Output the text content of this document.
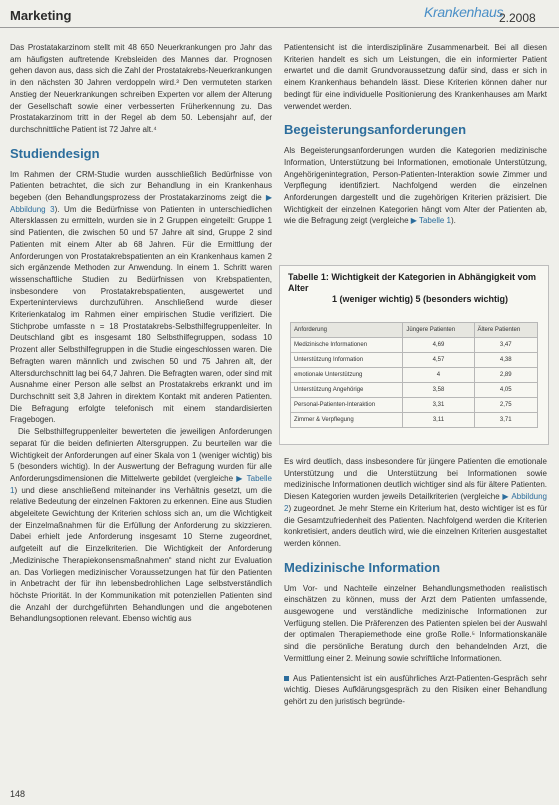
Marketing	Krankenhaus
2.2008

Das Prostatakarzinom stellt mit 48 650 Neuerkrankungen pro Jahr das am häufigsten auftretende Krebsleiden des Mannes dar. Prognosen gehen davon aus, dass sich die Zahl der Prostatakrebs-Neuerkrankungen in den nächsten 30 Jahren verdoppeln wird.³ Den vermuteten starken Anstieg der Neuerkrankungen schreiben Experten vor allem der Alterung der Gesellschaft sowie einer verbesserten Früherkennung zu. Das Prostatakarzinom tritt in der Regel ab dem 50. Lebensjahr auf, der durchschnittliche Patient ist 72 Jahre alt.⁴

Studiendesign

Im Rahmen der CRM-Studie wurden ausschließlich Bedürfnisse von Patienten betrachtet, die sich zur Behandlung in ein Krankenhaus begeben (den Behandlungsprozess der Prostatakarzinoms zeigt die ▶ Abbildung 3). Um die Bedürfnisse von Patienten in unterschiedlichen Altersklassen zu ermitteln, wurden sie in 2 Gruppen eingeteilt: Gruppe 1 sind Patienten, die zwischen 50 und 57 Jahre alt sind, Gruppe 2 sind Patienten mit einem Alter ab 68 Jahren. Für die Ermittlung der Anforderungen von Prostatakrebspatienten an ein Krankenhaus kamen 2 sich ergänzende Methoden zur Anwendung. In einem 1. Schritt waren wissenschaftliche Studien zu Bedürfnissen von Krebspatienten, insbesondere von Prostatakrebspatienten, ausgewertet und Experteninterviews durchzuführen. Anschließend wurde dieser Kriterienkatalog im Rahmen einer empirischen Studie verifiziert. Die Stichprobe umfasste n = 18 Prostatakrebs-Selbsthilfegruppenleiter. In Deutschland gibt es insgesamt 180 Selbsthilfegruppen, sodass 10 Prozent aller Selbsthilfegruppen in die Studie eingeschlossen waren. Die Befragten waren männlich und zwischen 50 und 75 Jahren alt, der Altersdurchschnitt lag bei 64,7 Jahren. Die Befragten waren, oder sind mit Ausnahme einer Person alle selbst an Prostatakrebs erkrankt und im Durchschnitt seit 3,8 Jahren in direktem Kontakt mit anderen Patienten. Die Befragung erfolgte telefonisch mit einem standardisierten Fragebogen.

Die Selbsthilfegruppenleiter bewerteten die jeweiligen Anforderungen separat für die beiden definierten Altersgruppen. Zu beurteilen war die Wichtigkeit der Anforderungen auf einer Skala von 1 (weniger wichtig) bis 5 (besonders wichtig). In der Auswertung der Befragung wurden für alle Anforderungsdimensionen die Mittelwerte gebildet (vergleiche ▶ Tabelle 1) und diese anschließend miteinander ins Verhältnis gesetzt, um die relative Bedeutung der einzelnen Faktoren zu erkennen. Eine aus Studien abgeleitete Gewichtung der Kriterien schloss sich an, um die Wichtigkeit der Einzelmaßnahmen für die Erfüllung der Anforderung zu skizzieren. Dabei erhielt jede Anforderung insgesamt 10 Sterne zugeordnet, aufgeteilt auf die Einzelkriterien. Die Wichtigkeit der Anforderung „Medizinische Therapiekonsensmaßnahmen“ stand nicht zur Evaluation an. Das Vorliegen medizinischer Voraussetzungen hat für den Patienten in Anbetracht der für ihn lebensbedrohlichen Lage selbstverständlich höchste Priorität. In der Kommunikation mit potenziellen Patienten sind die Anzahl der durchgeführten Behandlungen und die angebotenen Behandlungsoptionen relevant. Ebenso wichtig aus

Patientensicht ist die interdisziplinäre Zusammenarbeit. Bei all diesen Kriterien handelt es sich um Leistungen, die ein informierter Patient erwartet und die damit Grundvoraussetzung dafür sind, dass er sich in einem Krankenhaus behandeln lässt. Diese Kriterien können daher nur bedingt für eine individuelle Positionierung des Krankenhauses am Markt verwendet werden.

Begeisterungsanforderungen

Als Begeisterungsanforderungen wurden die Kategorien medizinische Information, Unterstützung bei Informationen, emotionale Unterstützung, Angehörigenintegration, Person-Patienten-Interaktion sowie Zimmer und Verpflegung identifiziert. Nachfolgend werden die einzelnen Anforderungen dargestellt und die zugehörigen Kriterien präzisiert. Die Wichtigkeit der einzelnen Kategorien hängt vom Alter der Patienten ab, wie die Befragung zeigt (vergleiche ▶ Tabelle 1).

Tabelle 1: Wichtigkeit der Kategorien in Abhängigkeit vom Alter
1 (weniger wichtig) 5 (besonders wichtig)
Anforderung	Jüngere Patienten	Ältere Patienten
Medizinische Informationen	4,69	3,47
Unterstützung Information	4,57	4,38
emotionale Unterstützung	4	2,89
Unterstützung Angehörige	3,58	4,05
Personal-Patienten-Interaktion	3,31	2,75
Zimmer & Verpflegung	3,11	3,71

Es wird deutlich, dass insbesondere für jüngere Patienten die emotionale Unterstützung und die Unterstützung bei Informationen sowie medizinische Informationen deutlich wichtiger sind als für ältere Patienten. Diesen Kategorien wurden jeweils Detailkriterien (vergleiche ▶ Abbildung 2) zugeordnet. Je mehr Sterne ein Kriterium hat, desto wichtiger ist es für die Gesamtzufriedenheit des Patienten. Nachfolgend werden die Kriterien konkretisiert, anders deutlich wird, wie die einzelnen Kriterien ausgestaltet werden können.

Medizinische Information

Um Vor- und Nachteile einzelner Behandlungsmethoden realistisch einschätzen zu können, muss der Arzt dem Patienten umfassende, ausgewogene und verständliche medizinische Informationen zur Verfügung stellen. Die Präferenzen des Patienten spielen bei der Auswahl der optimalen Therapiemethode eine große Rolle.⁵ Informationskanäle sind die persönliche Beratung durch den behandelnden Arzt, die Vermittlung einer 2. Meinung sowie schriftliche Informationen.

Aus Patientensicht ist ein ausführliches Arzt-Patienten-Gespräch sehr wichtig. Dieses Aufklärungsgespräch zu den Risiken einer Behandlung gehört zu den juristisch begründe-

148
